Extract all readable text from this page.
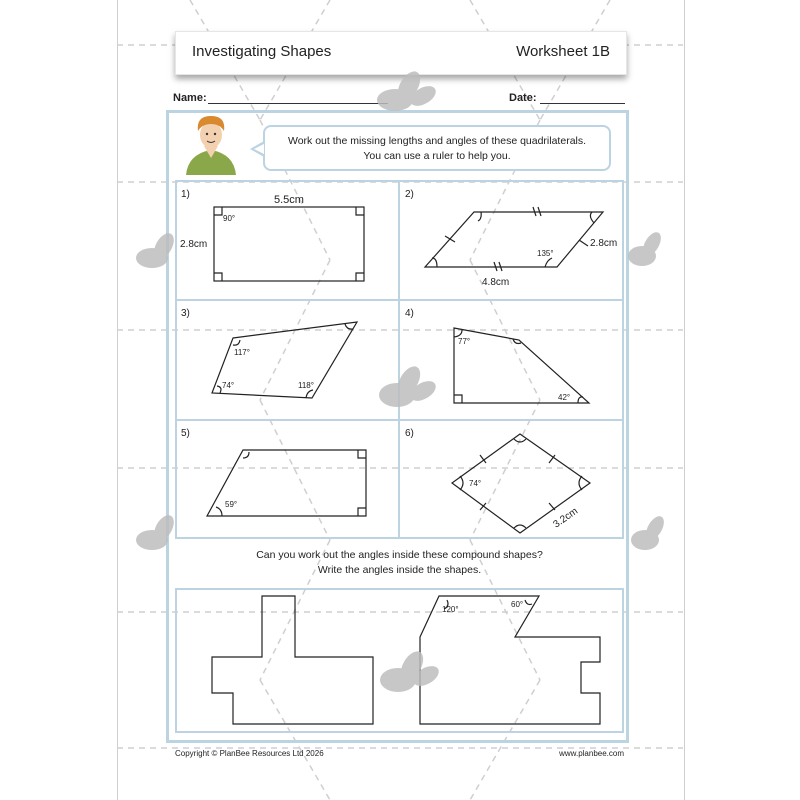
Investigating Shapes	Worksheet 1B
Name:	Date:
Work out the missing lengths and angles of these quadrilaterals.
You can use a ruler to help you.
1)	2)
3)	4)
5)	6)
5.5cm
2.8cm
90°
135°
2.8cm
4.8cm
117°
74°	118°
77°
42°
59°
74°
3.2cm
120°
60°
Can you work out the angles inside these compound shapes?
Write the angles inside the shapes.
Copyright © PlanBee Resources Ltd 2026	www.planbee.com
